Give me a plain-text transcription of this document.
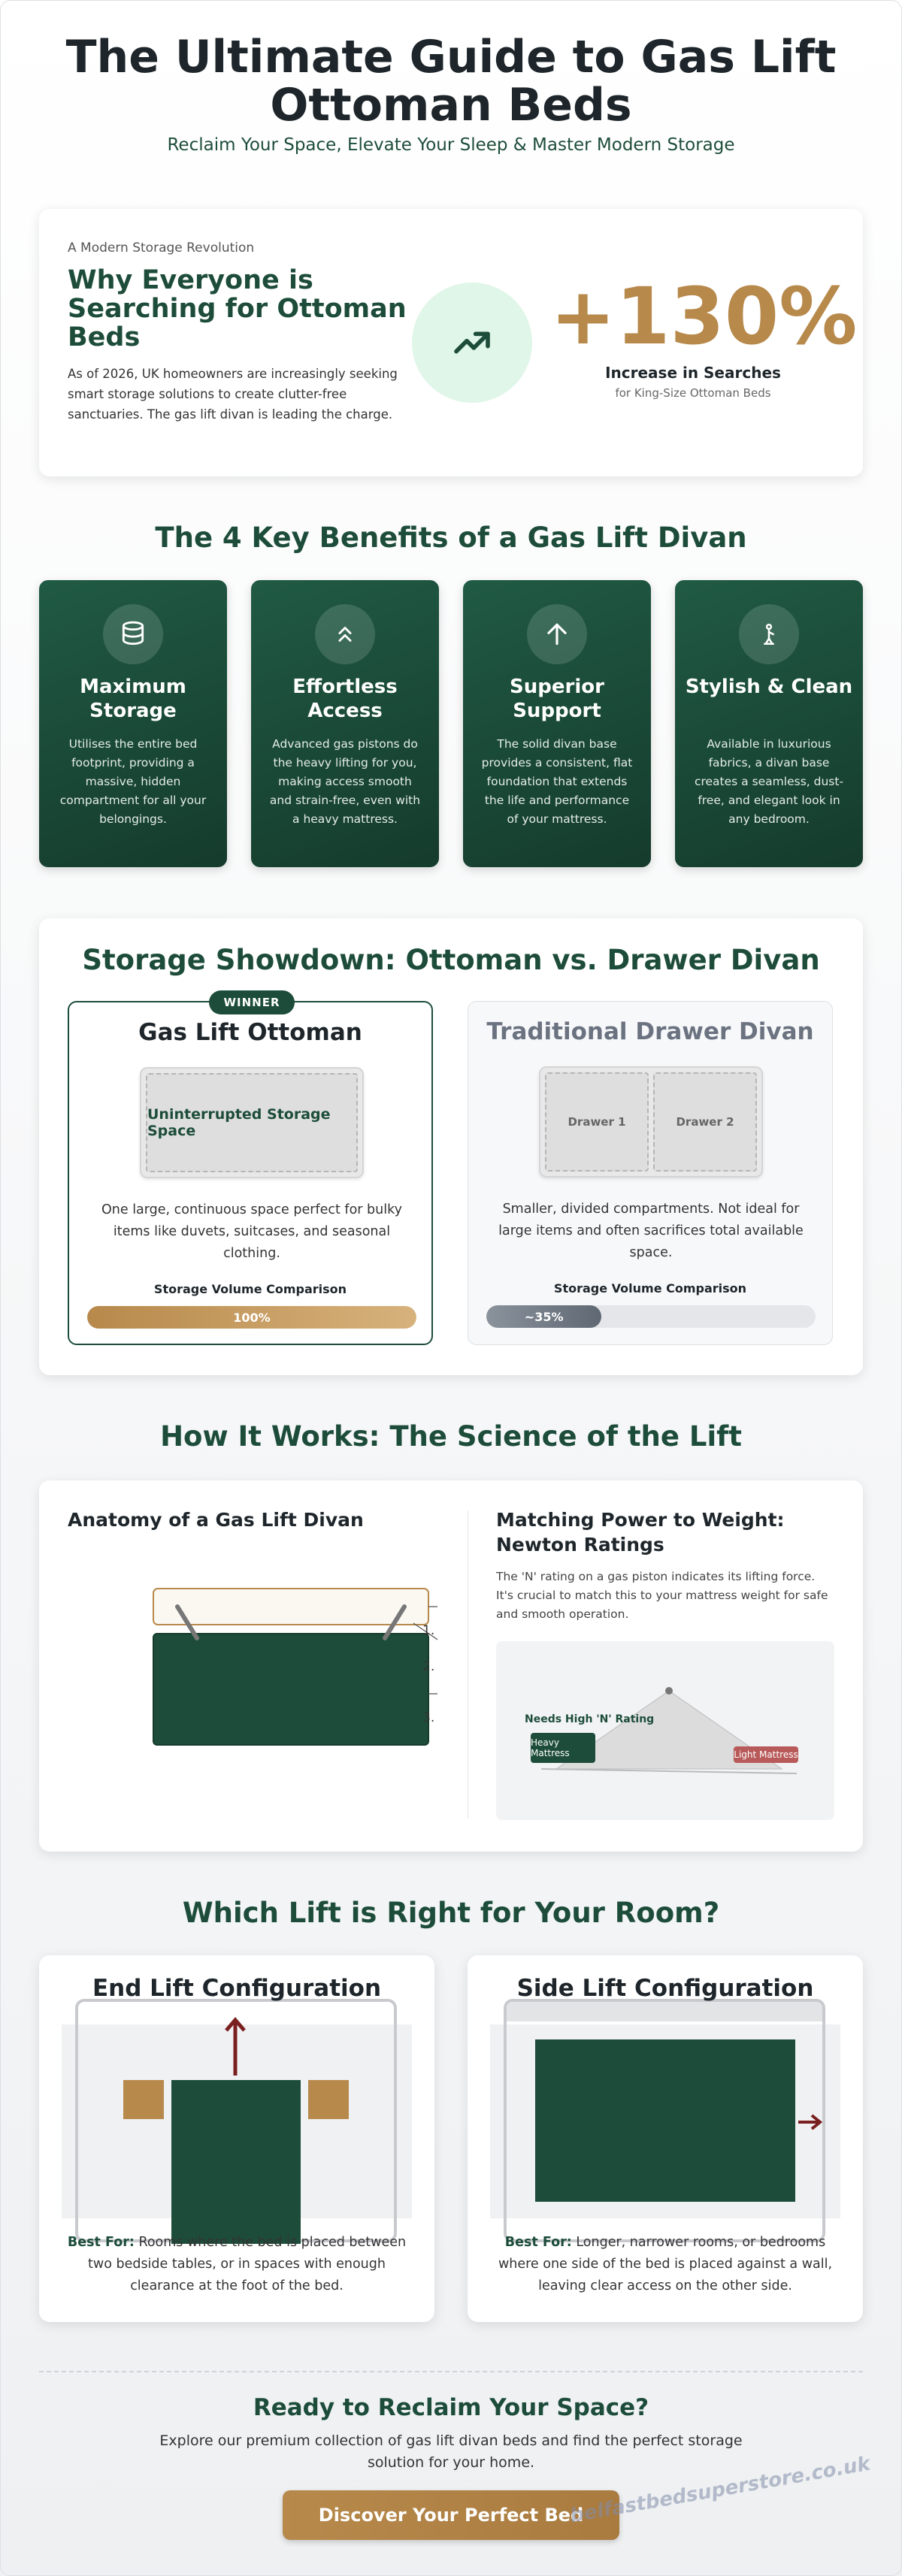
The Ultimate Guide to Gas Lift Ottoman Beds
Reclaim Your Space, Elevate Your Sleep & Master Modern Storage
A Modern Storage Revolution
Why Everyone is Searching for Ottoman Beds
As of 2026, UK homeowners are increasingly seeking smart storage solutions to create clutter-free sanctuaries. The gas lift divan is leading the charge.
+130%
Increase in Searches
for King-Size Ottoman Beds
The 4 Key Benefits of a Gas Lift Divan
Maximum Storage
Utilises the entire bed footprint, providing a massive, hidden compartment for all your belongings.
Effortless Access
Advanced gas pistons do the heavy lifting for you, making access smooth and strain-free, even with a heavy mattress.
Superior Support
The solid divan base provides a consistent, flat foundation that extends the life and performance of your mattress.
Stylish & Clean
Available in luxurious fabrics, a divan base creates a seamless, dust-free, and elegant look in any bedroom.
Storage Showdown: Ottoman vs. Drawer Divan
WINNER
Gas Lift Ottoman
Uninterrupted Storage Space
One large, continuous space perfect for bulky items like duvets, suitcases, and seasonal clothing.
Storage Volume Comparison
100%
Traditional Drawer Divan
Drawer 1	Drawer 2
Smaller, divided compartments. Not ideal for large items and often sacrifices total available space.
Storage Volume Comparison
~35%
How It Works: The Science of the Lift
Anatomy of a Gas Lift Divan
1.
2.
3.
Matching Power to Weight: Newton Ratings
The 'N' rating on a gas piston indicates its lifting force. It's crucial to match this to your mattress weight for safe and smooth operation.
Needs High 'N' Rating
Heavy Mattress	Light Mattress
Which Lift is Right for Your Room?
End Lift Configuration
Best For: Rooms where the bed is placed between two bedside tables, or in spaces with enough clearance at the foot of the bed.
Side Lift Configuration
Best For: Longer, narrower rooms, or bedrooms where one side of the bed is placed against a wall, leaving clear access on the other side.
Ready to Reclaim Your Space?
Explore our premium collection of gas lift divan beds and find the perfect storage solution for your home.
Discover Your Perfect Bed
belfastbedsuperstore.co.uk
